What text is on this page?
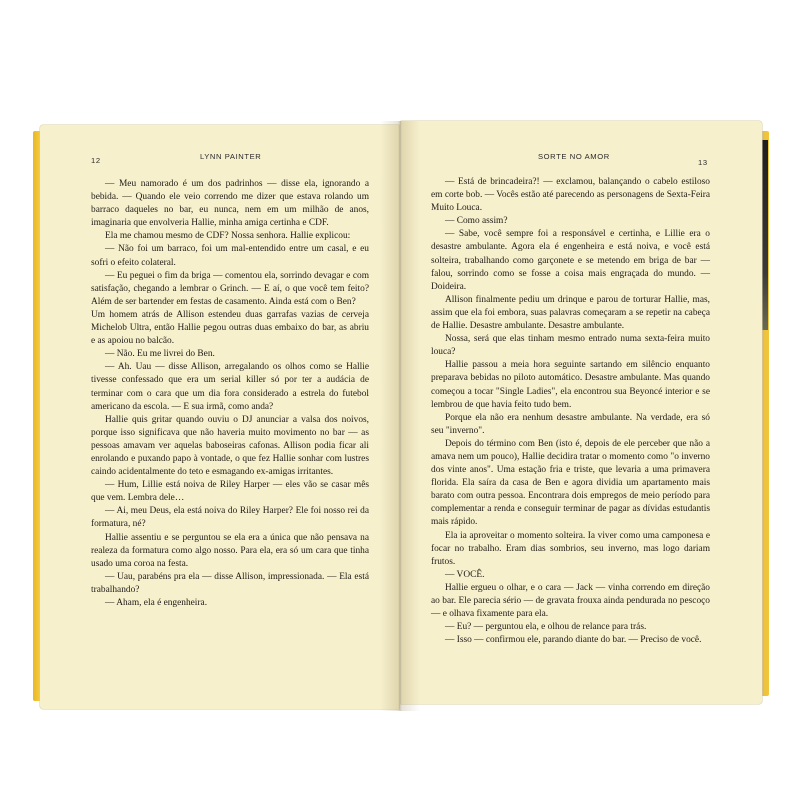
12	LYNN PAINTER	SORTE NO AMOR
13

— Meu namorado é um dos padrinhos — disse ela, ignorando a bebida. — Quando ele veio correndo me dizer que estava rolando um barraco daqueles no bar, eu nunca, nem em um milhão de anos, imaginaria que envolveria Hallie, minha amiga certinha e CDF.

Ela me chamou mesmo de CDF? Nossa senhora. Hallie explicou:

— Não foi um barraco, foi um mal-entendido entre um casal, e eu sofri o efeito colateral.

— Eu peguei o fim da briga — comentou ela, sorrindo devagar e com satisfação, chegando a lembrar o Grinch. — E aí, o que você tem feito? Além de ser bartender em festas de casamento. Ainda está com o Ben?

Um homem atrás de Allison estendeu duas garrafas vazias de cerveja Michelob Ultra, então Hallie pegou outras duas embaixo do bar, as abriu e as apoiou no balcão.

— Não. Eu me livrei do Ben.

— Ah. Uau — disse Allison, arregalando os olhos como se Hallie tivesse confessado que era um serial killer só por ter a audácia de terminar com o cara que um dia fora considerado a estrela do futebol americano da escola. — E sua irmã, como anda?

Hallie quis gritar quando ouviu o DJ anunciar a valsa dos noivos, porque isso significava que não haveria muito movimento no bar — as pessoas amavam ver aquelas baboseiras cafonas. Allison podia ficar ali enrolando e puxando papo à vontade, o que fez Hallie sonhar com lustres caindo acidentalmente do teto e esmagando ex-amigas irritantes.

— Hum, Lillie está noiva de Riley Harper — eles vão se casar mês que vem. Lembra dele…

— Ai, meu Deus, ela está noiva do Riley Harper? Ele foi nosso rei da formatura, né?

Hallie assentiu e se perguntou se ela era a única que não pensava na realeza da formatura como algo nosso. Para ela, era só um cara que tinha usado uma coroa na festa.

— Uau, parabéns pra ela — disse Allison, impressionada. — Ela está trabalhando?

— Aham, ela é engenheira.

— Está de brincadeira?! — exclamou, balançando o cabelo estiloso em corte bob. — Vocês estão até parecendo as personagens de Sexta-Feira Muito Louca.

— Como assim?

— Sabe, você sempre foi a responsável e certinha, e Lillie era o desastre ambulante. Agora ela é engenheira e está noiva, e você está solteira, trabalhando como garçonete e se metendo em briga de bar — falou, sorrindo como se fosse a coisa mais engraçada do mundo. — Doideira.

Allison finalmente pediu um drinque e parou de torturar Hallie, mas, assim que ela foi embora, suas palavras começaram a se repetir na cabeça de Hallie. Desastre ambulante. Desastre ambulante.

Nossa, será que elas tinham mesmo entrado numa sexta-feira muito louca?

Hallie passou a meia hora seguinte sartando em silêncio enquanto preparava bebidas no piloto automático. Desastre ambulante. Mas quando começou a tocar "Single Ladies", ela encontrou sua Beyoncé interior e se lembrou de que havia feito tudo bem.

Porque ela não era nenhum desastre ambulante. Na verdade, era só seu "inverno".

Depois do término com Ben (isto é, depois de ele perceber que não a amava nem um pouco), Hallie decidira tratar o momento como "o inverno dos vinte anos". Uma estação fria e triste, que levaria a uma primavera florida. Ela saíra da casa de Ben e agora dividia um apartamento mais barato com outra pessoa. Encontrara dois empregos de meio período para complementar a renda e conseguir terminar de pagar as dívidas estudantis mais rápido.

Ela ia aproveitar o momento solteira. Ia viver como uma camponesa e focar no trabalho. Eram dias sombrios, seu inverno, mas logo dariam frutos.

— VOCÊ.

Hallie ergueu o olhar, e o cara — Jack — vinha correndo em direção ao bar. Ele parecia sério — de gravata frouxa ainda pendurada no pescoço — e olhava fixamente para ela.

— Eu? — perguntou ela, e olhou de relance para trás.

— Isso — confirmou ele, parando diante do bar. — Preciso de você.
